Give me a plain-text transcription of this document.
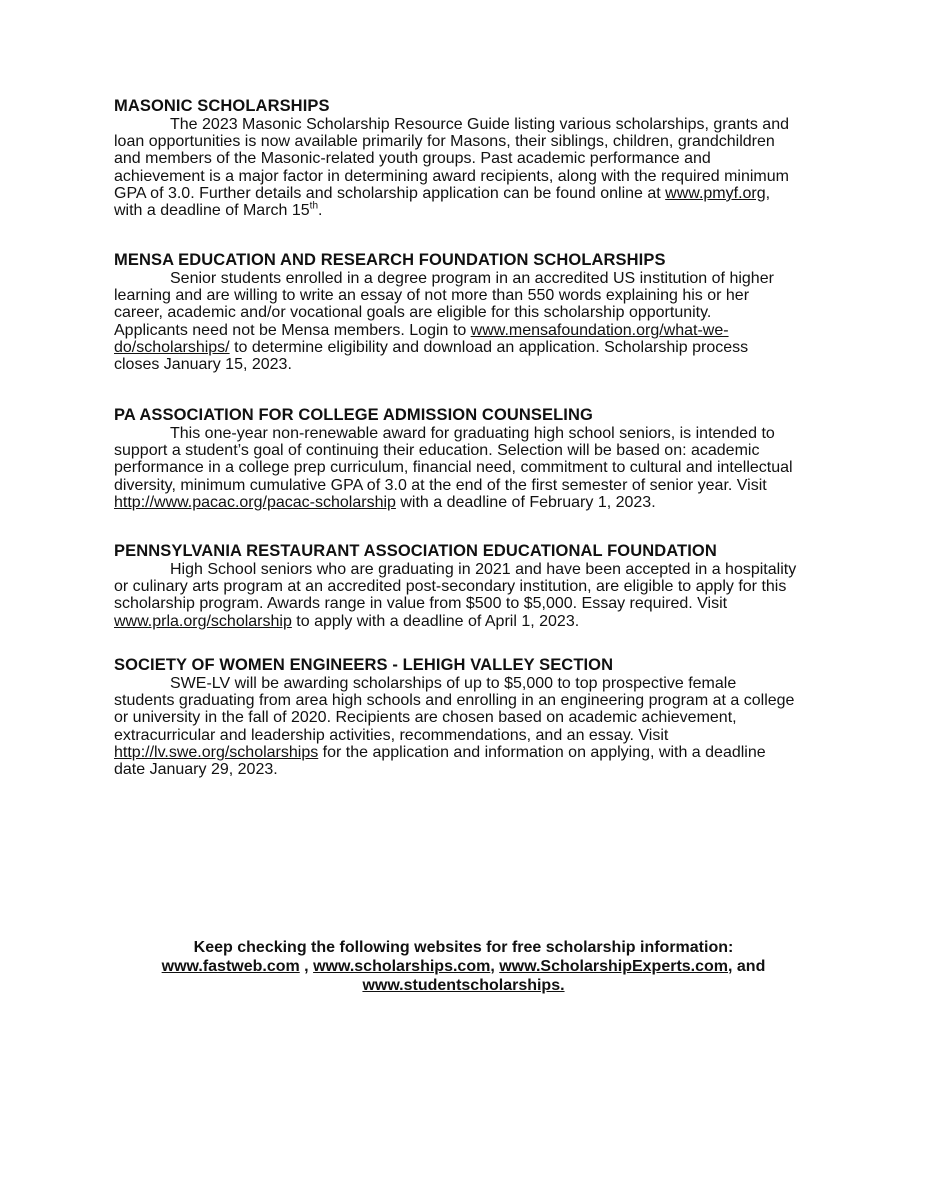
MASONIC SCHOLARSHIPS

The 2023 Masonic Scholarship Resource Guide listing various scholarships, grants and
loan opportunities is now available primarily for Masons, their siblings, children, grandchildren
and members of the Masonic-related youth groups. Past academic performance and
achievement is a major factor in determining award recipients, along with the required minimum
GPA of 3.0. Further details and scholarship application can be found online at www.pmyf.org,
with a deadline of March 15th.

MENSA EDUCATION AND RESEARCH FOUNDATION SCHOLARSHIPS

Senior students enrolled in a degree program in an accredited US institution of higher
learning and are willing to write an essay of not more than 550 words explaining his or her
career, academic and/or vocational goals are eligible for this scholarship opportunity.
Applicants need not be Mensa members. Login to www.mensafoundation.org/what-we-
do/scholarships/ to determine eligibility and download an application. Scholarship process
closes January 15, 2023.

PA ASSOCIATION FOR COLLEGE ADMISSION COUNSELING

This one-year non-renewable award for graduating high school seniors, is intended to
support a student’s goal of continuing their education. Selection will be based on: academic
performance in a college prep curriculum, financial need, commitment to cultural and intellectual
diversity, minimum cumulative GPA of 3.0 at the end of the first semester of senior year. Visit
http://www.pacac.org/pacac-scholarship with a deadline of February 1, 2023.

PENNSYLVANIA RESTAURANT ASSOCIATION EDUCATIONAL FOUNDATION

High School seniors who are graduating in 2021 and have been accepted in a hospitality
or culinary arts program at an accredited post-secondary institution, are eligible to apply for this
scholarship program. Awards range in value from $500 to $5,000. Essay required. Visit
www.prla.org/scholarship to apply with a deadline of April 1, 2023.

SOCIETY OF WOMEN ENGINEERS - LEHIGH VALLEY SECTION

SWE-LV will be awarding scholarships of up to $5,000 to top prospective female
students graduating from area high schools and enrolling in an engineering program at a college
or university in the fall of 2020. Recipients are chosen based on academic achievement,
extracurricular and leadership activities, recommendations, and an essay. Visit
http://lv.swe.org/scholarships for the application and information on applying, with a deadline
date January 29, 2023.
Keep checking the following websites for free scholarship information:
www.fastweb.com , www.scholarships.com, www.ScholarshipExperts.com, and
www.studentscholarships.
